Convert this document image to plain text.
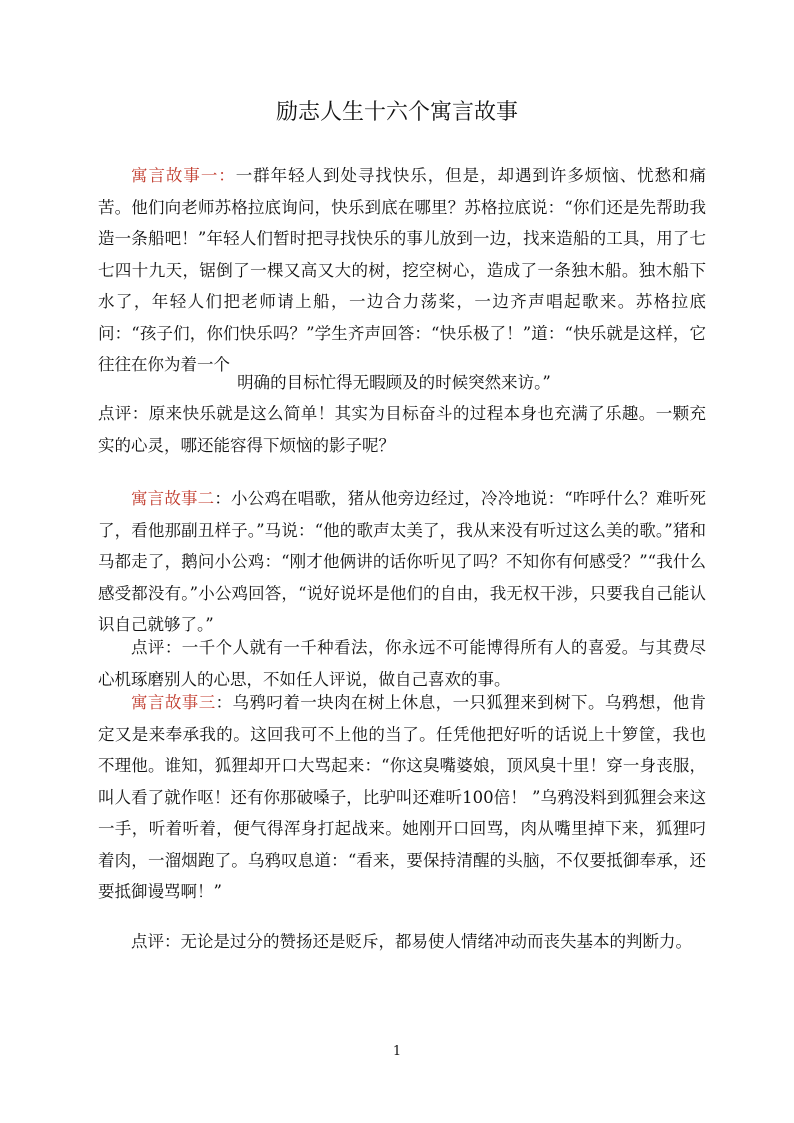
励志人生十六个寓言故事
寓言故事一：一群年轻人到处寻找快乐，但是，却遇到许多烦恼、忧愁和痛苦。他们向老师苏格拉底询问，快乐到底在哪里？苏格拉底说：“你们还是先帮助我造一条船吧！”年轻人们暂时把寻找快乐的事儿放到一边，找来造船的工具，用了七七四十九天，锯倒了一棵又高又大的树，挖空树心，造成了一条独木船。独木船下水了，年轻人们把老师请上船，一边合力荡桨，一边齐声唱起歌来。苏格拉底问：“孩子们，你们快乐吗？”学生齐声回答：“快乐极了！”道：“快乐就是这样，它往往在你为着一个
明确的目标忙得无暇顾及的时候突然来访。”
点评：原来快乐就是这么简单！其实为目标奋斗的过程本身也充满了乐趣。一颗充实的心灵，哪还能容得下烦恼的影子呢？
寓言故事二：小公鸡在唱歌，猪从他旁边经过，冷冷地说：“咋呼什么？难听死了，看他那副丑样子。”马说：“他的歌声太美了，我从来没有听过这么美的歌。”猪和马都走了，鹅问小公鸡：“刚才他俩讲的话你听见了吗？不知你有何感受？”“我什么感受都没有。”小公鸡回答，“说好说坏是他们的自由，我无权干涉，只要我自己能认识自己就够了。”
点评：一千个人就有一千种看法，你永远不可能博得所有人的喜爱。与其费尽心机琢磨别人的心思，不如任人评说，做自己喜欢的事。
寓言故事三：乌鸦叼着一块肉在树上休息，一只狐狸来到树下。乌鸦想，他肯定又是来奉承我的。这回我可不上他的当了。任凭他把好听的话说上十箩筐，我也不理他。谁知，狐狸却开口大骂起来：“你这臭嘴婆娘，顶风臭十里！穿一身丧服，叫人看了就作呕！还有你那破嗓子，比驴叫还难听100倍！ ”乌鸦没料到狐狸会来这一手，听着听着，便气得浑身打起战来。她刚开口回骂，肉从嘴里掉下来，狐狸叼着肉，一溜烟跑了。乌鸦叹息道：“看来，要保持清醒的头脑，不仅要抵御奉承，还要抵御谩骂啊！”
点评：无论是过分的赞扬还是贬斥，都易使人情绪冲动而丧失基本的判断力。
1
